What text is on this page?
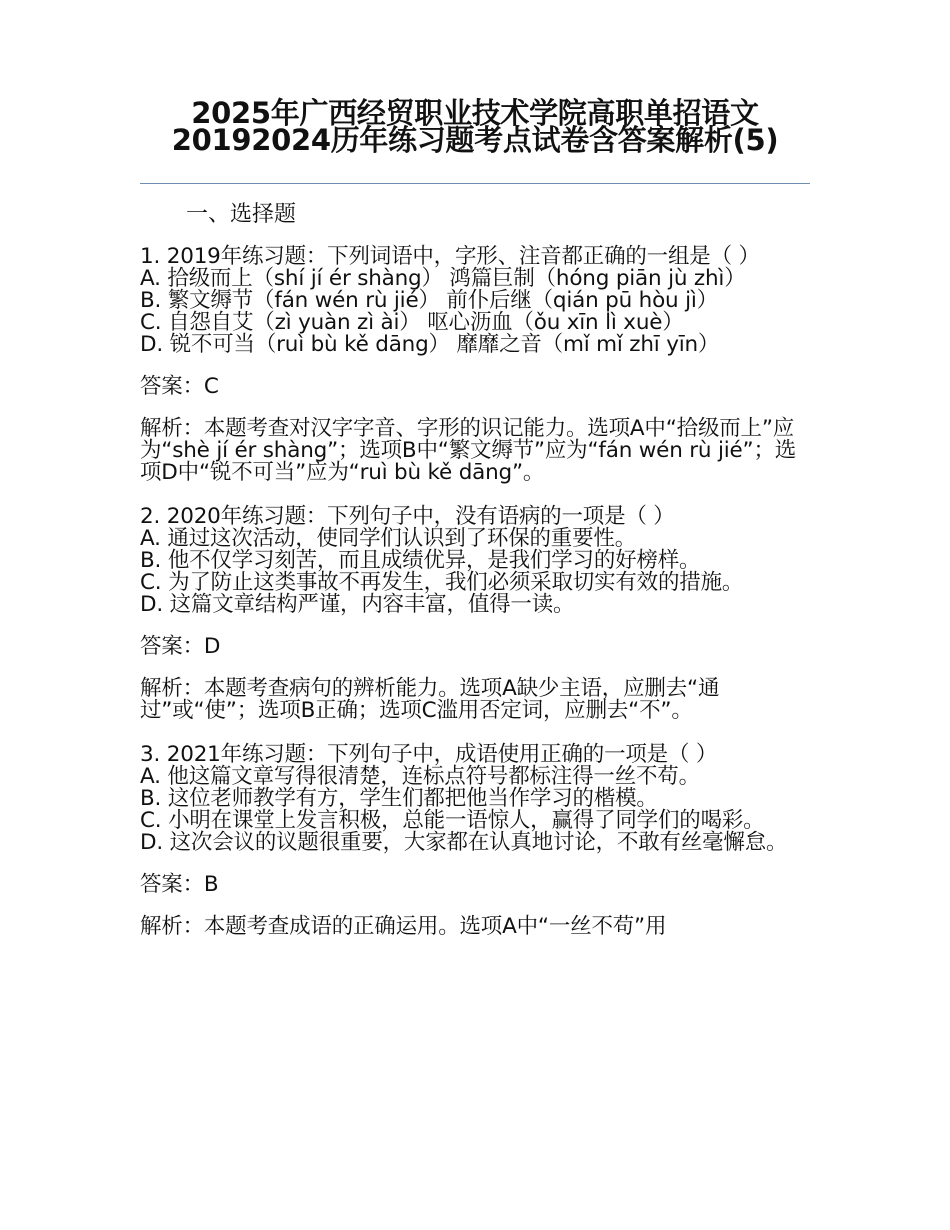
2025年广西经贸职业技术学院高职单招语文20192024历年练习题考点试卷含答案解析(5)

一、选择题

1. 2019年练习题：下列词语中，字形、注音都正确的一组是（ ）

A. 拾级而上（shí jí ér shàng） 鸿篇巨制（hóng piān jù zhì）

B. 繁文缛节（fán wén rù jié） 前仆后继（qián pū hòu jì）

C. 自怨自艾（zì yuàn zì ài） 呕心沥血（ǒu xīn lì xuè）

D. 锐不可当（ruì bù kě dāng） 靡靡之音（mǐ mǐ zhī yīn）

答案：C

解析：本题考查对汉字字音、字形的识记能力。选项A中“拾级而上”应为“shè jí ér shàng”；选项B中“繁文缛节”应为“fán wén rù jié”；选项D中“锐不可当”应为“ruì bù kě dāng”。

2. 2020年练习题：下列句子中，没有语病的一项是（ ）

A. 通过这次活动，使同学们认识到了环保的重要性。

B. 他不仅学习刻苦，而且成绩优异，是我们学习的好榜样。

C. 为了防止这类事故不再发生，我们必须采取切实有效的措施。

D. 这篇文章结构严谨，内容丰富，值得一读。

答案：D

解析：本题考查病句的辨析能力。选项A缺少主语，应删去“通过”或“使”；选项B正确；选项C滥用否定词，应删去“不”。

3. 2021年练习题：下列句子中，成语使用正确的一项是（ ）

A. 他这篇文章写得很清楚，连标点符号都标注得一丝不苟。

B. 这位老师教学有方，学生们都把他当作学习的楷模。

C. 小明在课堂上发言积极，总能一语惊人，赢得了同学们的喝彩。

D. 这次会议的议题很重要，大家都在认真地讨论，不敢有丝毫懈怠。

答案：B

解析：本题考查成语的正确运用。选项A中“一丝不苟”用
